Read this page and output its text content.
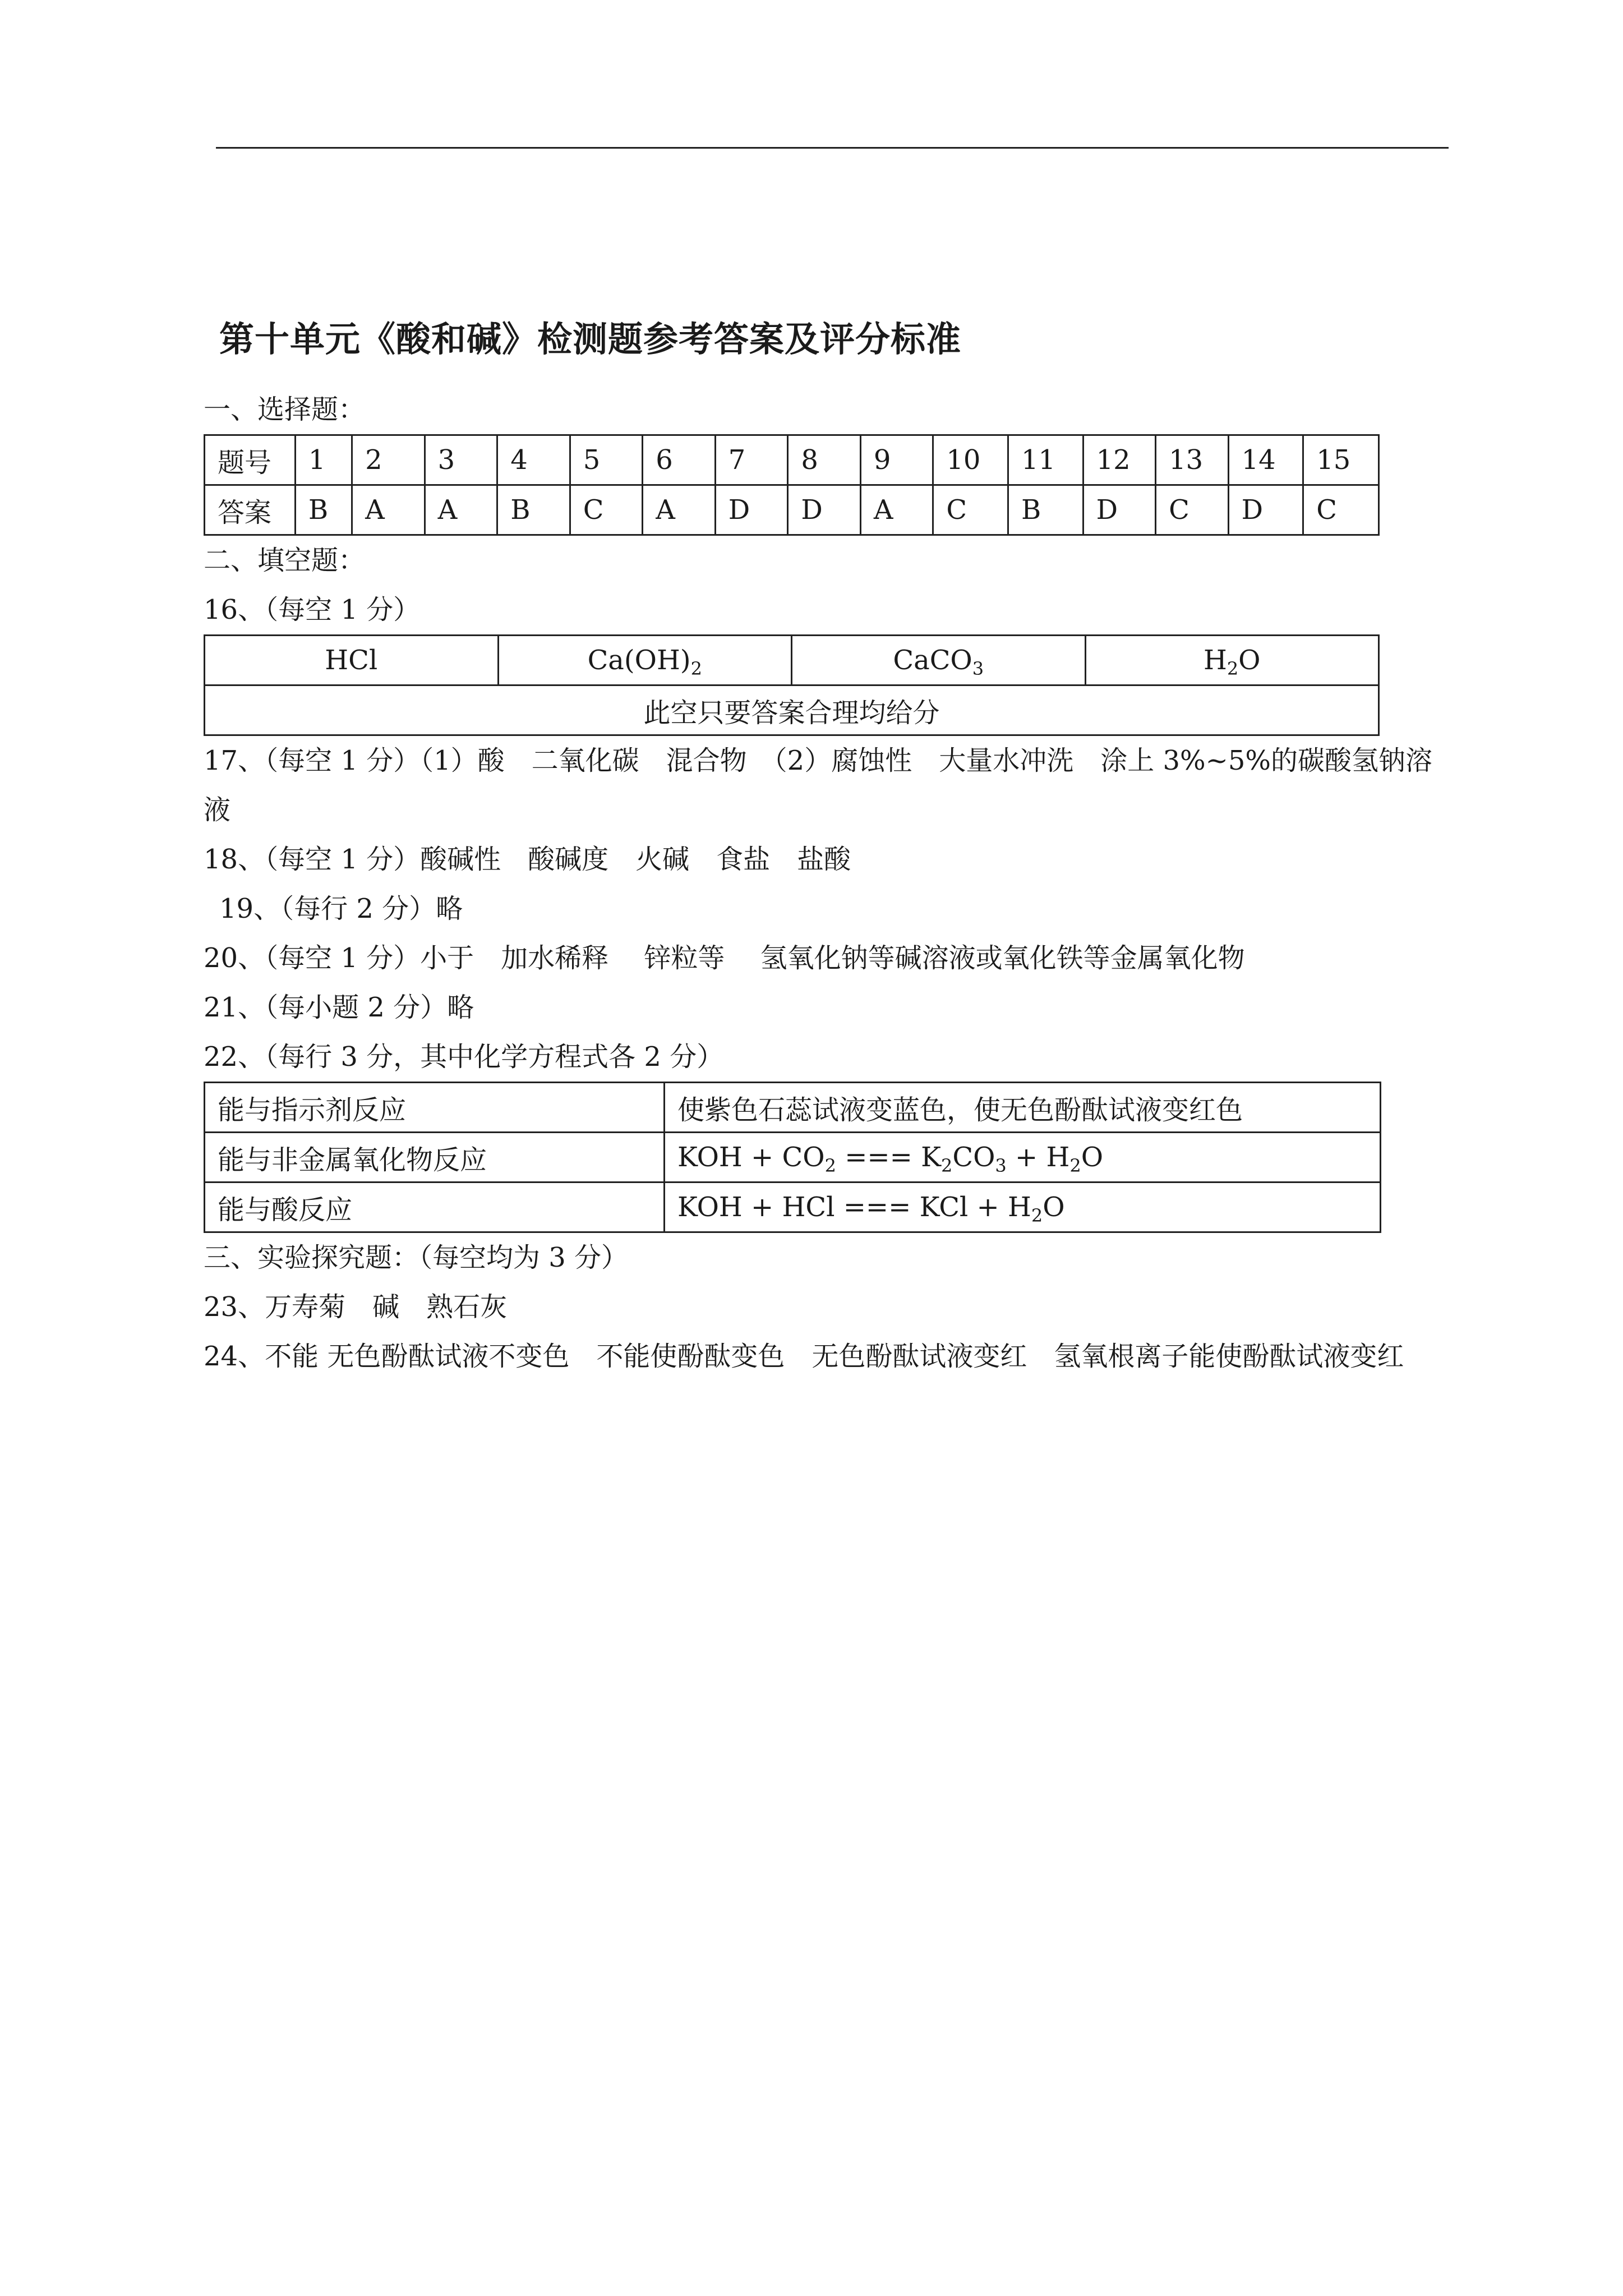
第十单元《酸和碱》检测题参考答案及评分标准
一、选择题：
题号	1	2	3	4	5	6	7	8	9	10	11	12	13	14	15
答案	B	A	A	B	C	A	D	D	A	C	B	D	C	D	C
二、填空题：
16、（每空 1 分）
HCl	$Ca(OH)_2$	CaCO$_3$	$H_2O$
此空只要答案合理均给分
17、（每空 1 分）（1）酸　二氧化碳　混合物　（2）腐蚀性　大量水冲洗　涂上 3%~5%的碳酸氢钠溶液
18、（每空 1 分）酸碱性　酸碱度　火碱　食盐　盐酸
19、（每行 2 分）略
20、（每空 1 分）小于　加水稀释　 锌粒等　 氢氧化钠等碱溶液或氧化铁等金属氧化物
21、（每小题 2 分）略
22、（每行 3 分，其中化学方程式各 2 分）
能与指示剂反应	使紫色石蕊试液变蓝色，使无色酚酞试液变红色
能与非金属氧化物反应	KOH + $CO_2$ === $K_2CO_3 + H_2O$
能与酸反应	KOH + HCl === KCl + $H_2O$
三、实验探究题：（每空均为 3 分）
23、万寿菊　碱　熟石灰
24、不能 无色酚酞试液不变色　不能使酚酞变色　无色酚酞试液变红　氢氧根离子能使酚酞试液变红
